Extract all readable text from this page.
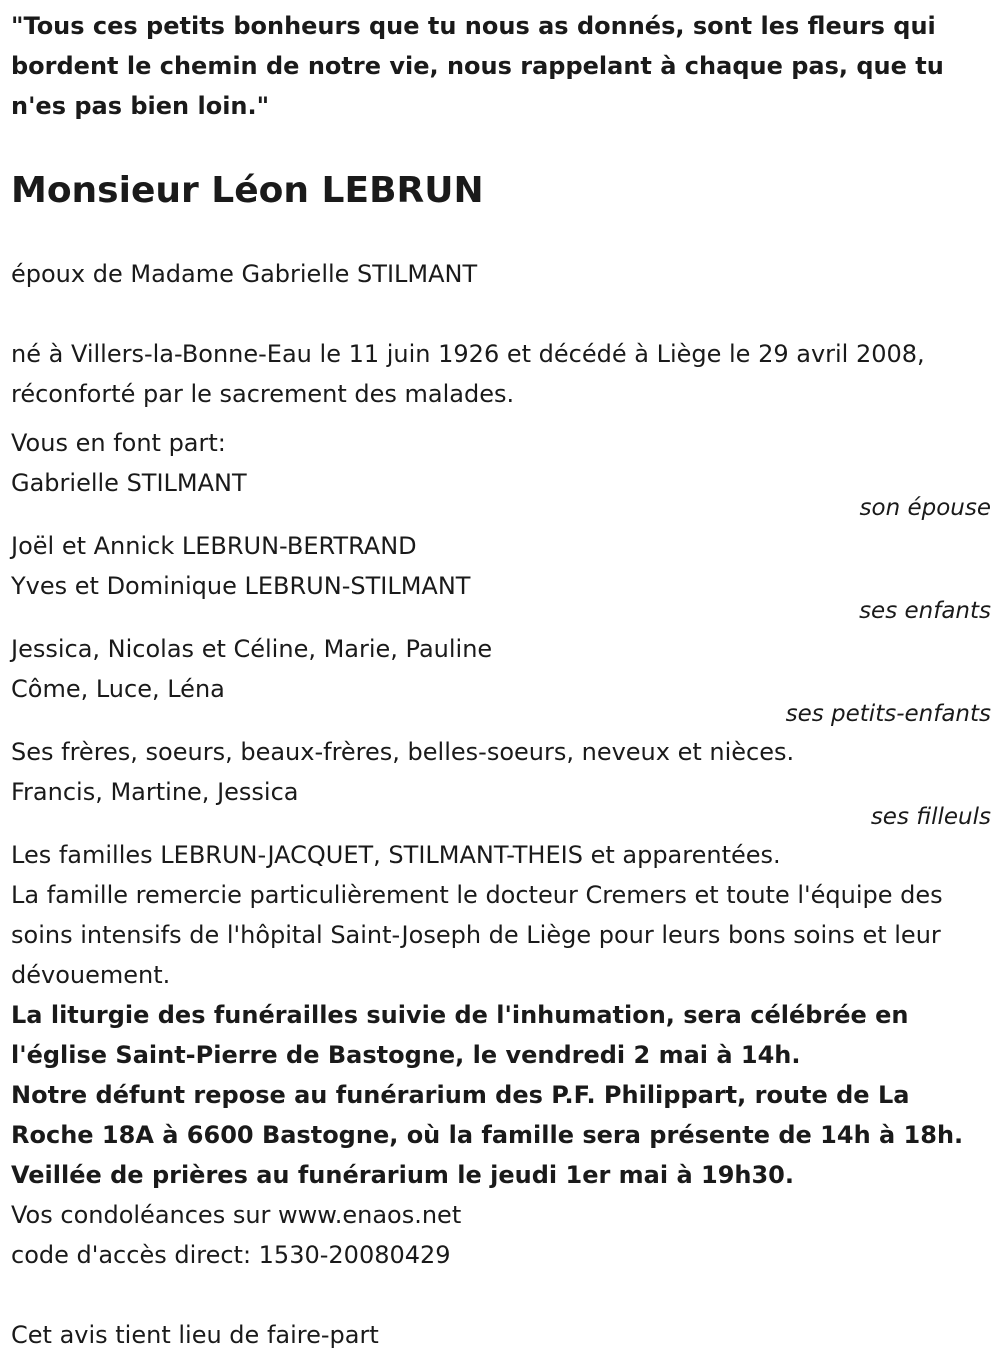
"Tous ces petits bonheurs que tu nous as donnés, sont les fleurs qui bordent le chemin de notre vie, nous rappelant à chaque pas, que tu n'es pas bien loin."

Monsieur Léon LEBRUN

époux de Madame Gabrielle STILMANT

né à Villers-la-Bonne-Eau le 11 juin 1926 et décédé à Liège le 29 avril 2008, réconforté par le sacrement des malades.

Vous en font part:

Gabrielle STILMANT

son épouse

Joël et Annick LEBRUN-BERTRAND

Yves et Dominique LEBRUN-STILMANT

ses enfants

Jessica, Nicolas et Céline, Marie, Pauline

Côme, Luce, Léna

ses petits-enfants

Ses frères, soeurs, beaux-frères, belles-soeurs, neveux et nièces.

Francis, Martine, Jessica

ses filleuls

Les familles LEBRUN-JACQUET, STILMANT-THEIS et apparentées.

La famille remercie particulièrement le docteur Cremers et toute l'équipe des soins intensifs de l'hôpital Saint-Joseph de Liège pour leurs bons soins et leur dévouement.

La liturgie des funérailles suivie de l'inhumation, sera célébrée en l'église Saint-Pierre de Bastogne, le vendredi 2 mai à 14h.

Notre défunt repose au funérarium des P.F. Philippart, route de La Roche 18A à 6600 Bastogne, où la famille sera présente de 14h à 18h.

Veillée de prières au funérarium le jeudi 1er mai à 19h30.

Vos condoléances sur www.enaos.net

code d'accès direct: 1530-20080429

Cet avis tient lieu de faire-part
